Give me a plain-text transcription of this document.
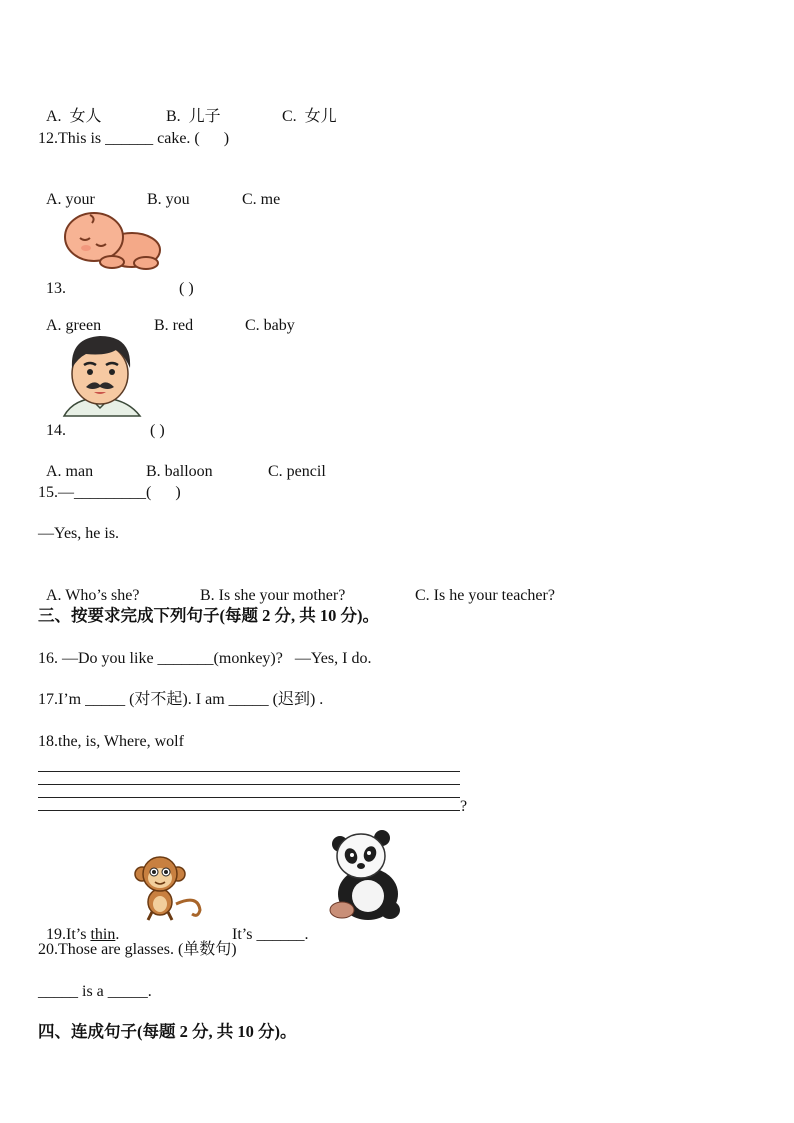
A.  女人	B.  儿子	C.  女儿

12.This is ______ cake. (      )

A. your	B. you	C. me

13.	( )

A. green	B. red	C. baby

14.	( )

A. man	B. balloon	C. pencil

15.—_________(      )
—Yes, he is.

A. Who’s she?	B. Is she your mother?	C. Is he your teacher?

三、按要求完成下列句子(每题 2 分, 共 10 分)。
16. —Do you like _______(monkey)?   —Yes, I do.
17.I’m _____ (对不起). I am _____ (迟到) .
18.the, is, Where, wolf
?

19.It’s thin.	It’s ______.

20.Those are glasses. (单数句)
_____ is a _____.
四、连成句子(每题 2 分, 共 10 分)。
